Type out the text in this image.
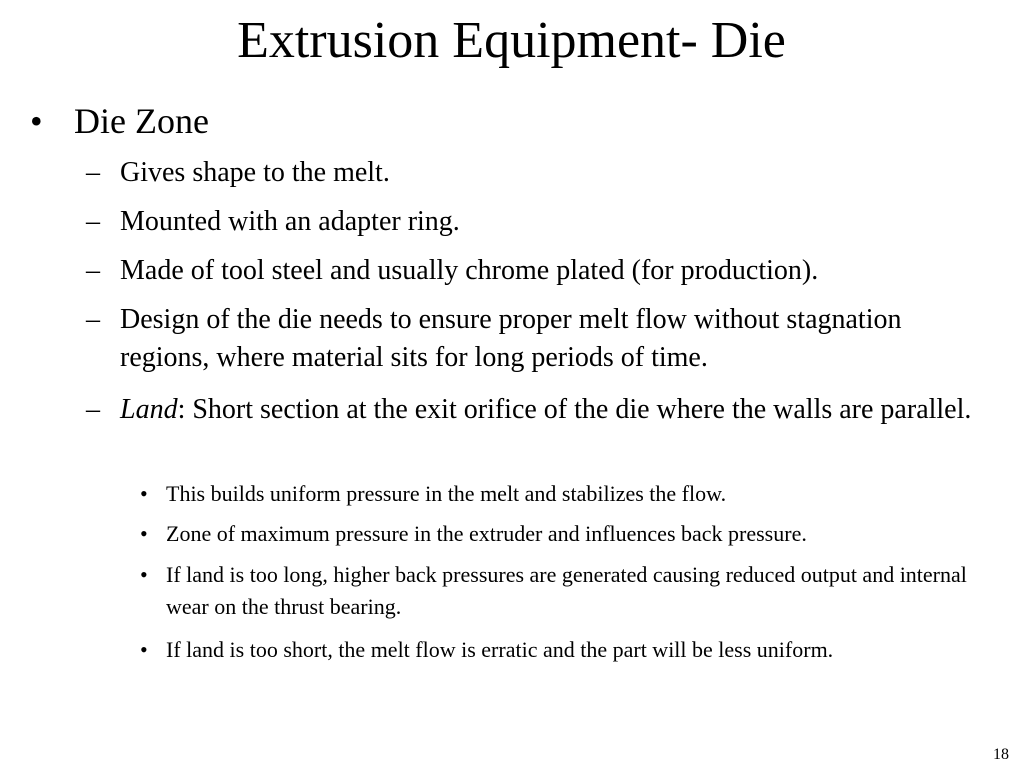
Extrusion Equipment- Die
• Die Zone
– Gives shape to the melt.
– Mounted with an adapter ring.
– Made of tool steel and usually chrome plated (for production).
– Design of the die needs to ensure proper melt flow without stagnation regions, where material sits for long periods of time.
– Land: Short section at the exit orifice of the die where the walls are parallel.
• This builds uniform pressure in the melt and stabilizes the flow.
• Zone of maximum pressure in the extruder and influences back pressure.
• If land is too long, higher back pressures are generated causing reduced output and internal wear on the thrust bearing.
• If land is too short, the melt flow is erratic and the part will be less uniform.
18
